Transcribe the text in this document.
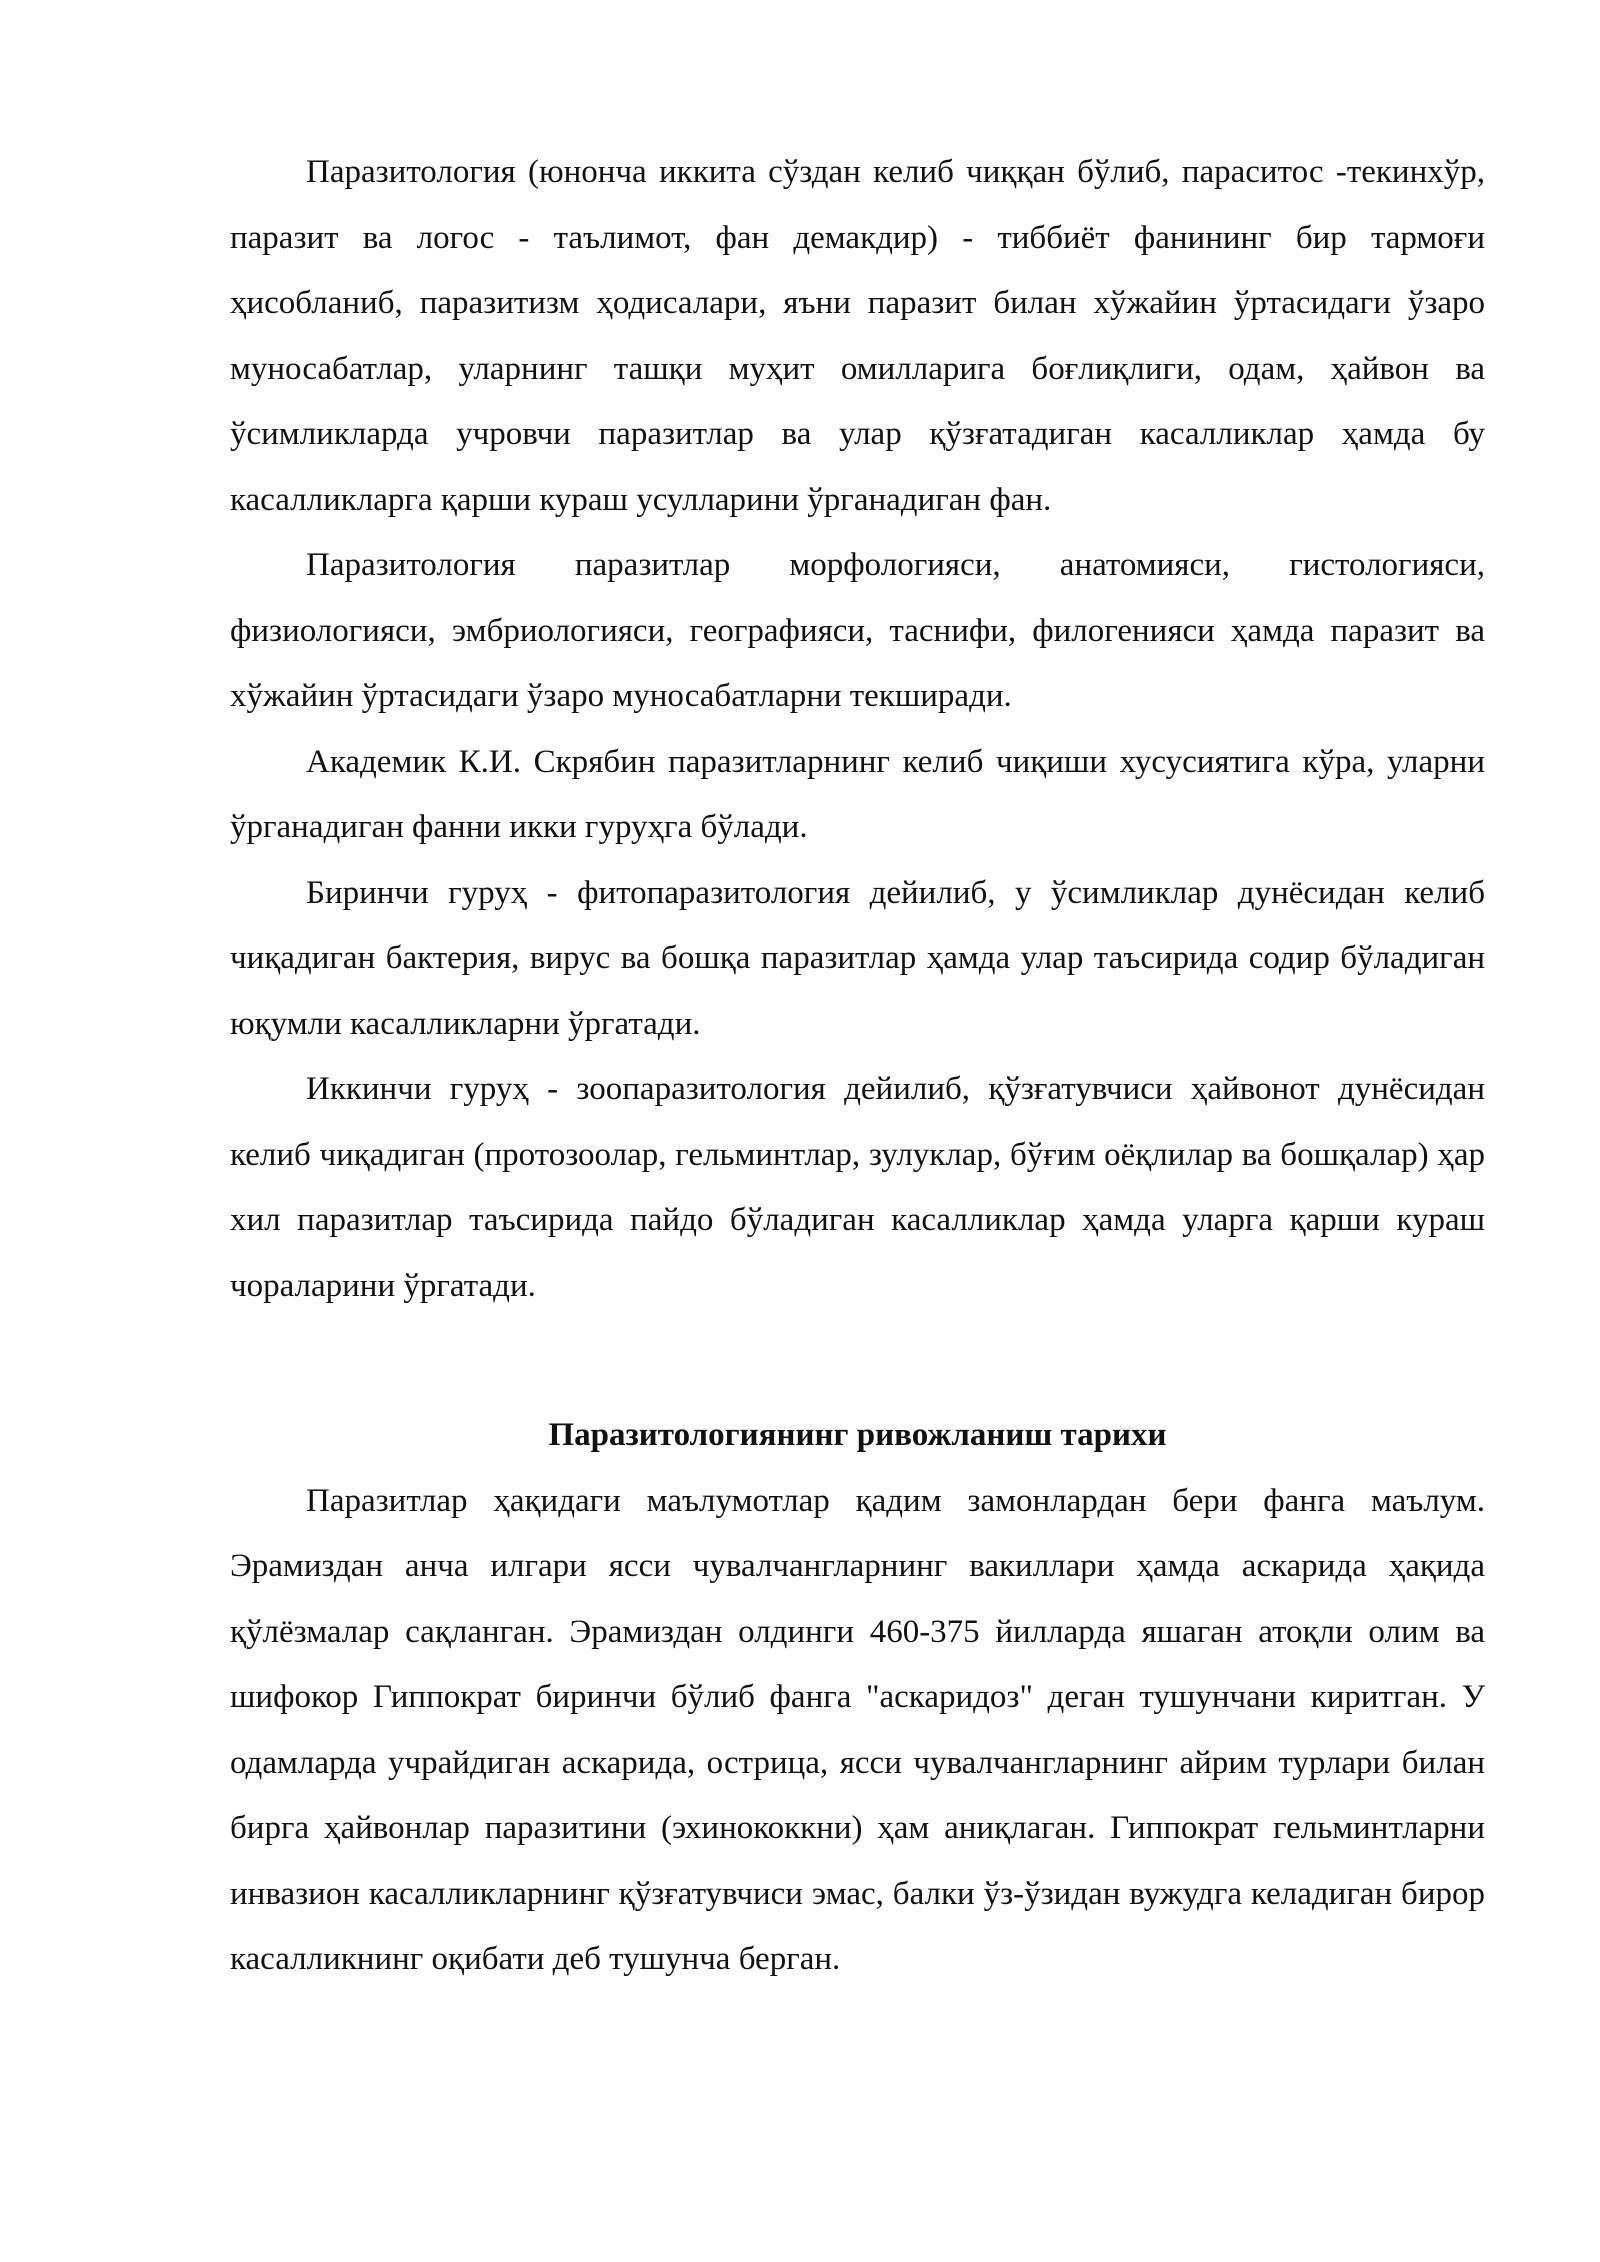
Паразитология (юнонча иккита сўздан келиб чиққан бўлиб, параситос -текинхўр, паразит ва логос - таълимот, фан демакдир) - тиббиёт фанининг бир тармоғи ҳисобланиб, паразитизм ҳодисалари, яъни паразит билан хўжайин ўртасидаги ўзаро муносабатлар, уларнинг ташқи муҳит омилларига боғлиқлиги, одам, ҳайвон ва ўсимликларда учровчи паразитлар ва улар қўзғатадиган касалликлар ҳамда бу касалликларга қарши кураш усулларини ўрганадиган фан.

Паразитология паразитлар морфологияси, анатомияси, гистологияси, физиологияси, эмбриологияси, географияси, таснифи, филогенияси ҳамда паразит ва хўжайин ўртасидаги ўзаро муносабатларни текширади.

Академик К.И. Скрябин паразитларнинг келиб чиқиши хусусиятига кўра, уларни ўрганадиган фанни икки гуруҳга бўлади.

Биринчи гуруҳ - фитопаразитология дейилиб, у ўсимликлар дунёсидан келиб чиқадиган бактерия, вирус ва бошқа паразитлар ҳамда улар таъсирида содир бўладиган юқумли касалликларни ўргатади.

Иккинчи гуруҳ - зоопаразитология дейилиб, қўзғатувчиси ҳайвонот дунёсидан келиб чиқадиган (протозоолар, гельминтлар, зулуклар, бўғим оёқлилар ва бошқалар) ҳар хил паразитлар таъсирида пайдо бўладиган касалликлар ҳамда уларга қарши кураш чораларини ўргатади.

Паразитологиянинг ривожланиш тарихи

Паразитлар ҳақидаги маълумотлар қадим замонлардан бери фанга маълум. Эрамиздан анча илгари ясси чувалчангларнинг вакиллари ҳамда аскарида ҳақида қўлёзмалар сақланган. Эрамиздан олдинги 460-375 йилларда яшаган атоқли олим ва шифокор Гиппократ биринчи бўлиб фанга "аскаридоз" деган тушунчани киритган. У одамларда учрайдиган аскарида, острица, ясси чувалчангларнинг айрим турлари билан бирга ҳайвонлар паразитини (эхинококкни) ҳам аниқлаган. Гиппократ гельминтларни инвазион касалликларнинг қўзғатувчиси эмас, балки ўз-ўзидан вужудга келадиган бирор касалликнинг оқибати деб тушунча берган.
